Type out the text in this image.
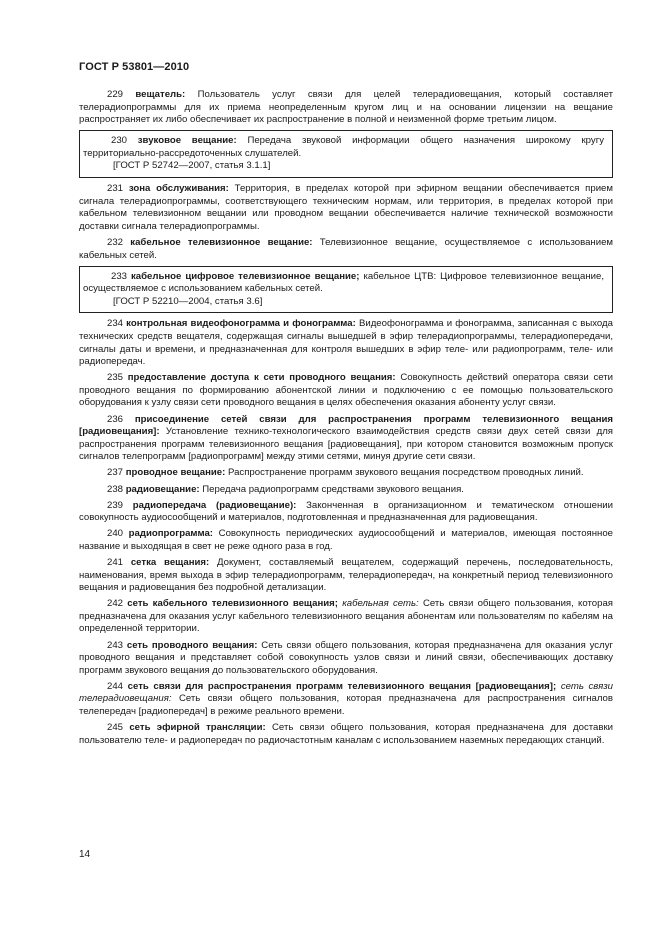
ГОСТ Р 53801—2010

229 вещатель: Пользователь услуг связи для целей телерадиовещания, который составляет телерадиопрограммы для их приема неопределенным кругом лиц и на основании лицензии на вещание распространяет их либо обеспечивает их распространение в полной и неизменной форме третьим лицом.

230 звуковое вещание: Передача звуковой информации общего назначения широкому кругу территориально-рассредоточенных слушателей.

[ГОСТ Р 52742—2007, статья 3.1.1]

231 зона обслуживания: Территория, в пределах которой при эфирном вещании обеспечивается прием сигнала телерадиопрограммы, соответствующего техническим нормам, или территория, в пределах которой при кабельном телевизионном вещании или проводном вещании обеспечивается наличие технической возможности доставки сигнала телерадиопрограммы.

232 кабельное телевизионное вещание: Телевизионное вещание, осуществляемое с использованием кабельных сетей.

233 кабельное цифровое телевизионное вещание; кабельное ЦТВ: Цифровое телевизионное вещание, осуществляемое с использованием кабельных сетей.

[ГОСТ Р 52210—2004, статья 3.6]

234 контрольная видеофонограмма и фонограмма: Видеофонограмма и фонограмма, записанная с выхода технических средств вещателя, содержащая сигналы вышедшей в эфир телерадиопрограммы, телерадиопередачи, сигналы даты и времени, и предназначенная для контроля вышедших в эфир теле- или радиопрограмм, теле- или радиопередач.

235 предоставление доступа к сети проводного вещания: Совокупность действий оператора связи сети проводного вещания по формированию абонентской линии и подключению с ее помощью пользовательского оборудования к узлу связи сети проводного вещания в целях обеспечения оказания абоненту услуг связи.

236 присоединение сетей связи для распространения программ телевизионного вещания [радиовещания]: Установление технико-технологического взаимодействия средств связи двух сетей связи для распространения программ телевизионного вещания [радиовещания], при котором становится возможным пропуск сигналов телепрограмм [радиопрограмм] между этими сетями, минуя другие сети связи.

237 проводное вещание: Распространение программ звукового вещания посредством проводных линий.

238 радиовещание: Передача радиопрограмм средствами звукового вещания.

239 радиопередача (радиовещание): Законченная в организационном и тематическом отношении совокупность аудиосообщений и материалов, подготовленная и предназначенная для радиовещания.

240 радиопрограмма: Совокупность периодических аудиосообщений и материалов, имеющая постоянное название и выходящая в свет не реже одного раза в год.

241 сетка вещания: Документ, составляемый вещателем, содержащий перечень, последовательность, наименования, время выхода в эфир телерадиопрограмм, телерадиопередач, на конкретный период телевизионного вещания и радиовещания без подробной детализации.

242 сеть кабельного телевизионного вещания; кабельная сеть: Сеть связи общего пользования, которая предназначена для оказания услуг кабельного телевизионного вещания абонентам или пользователям по кабелям на определенной территории.

243 сеть проводного вещания: Сеть связи общего пользования, которая предназначена для оказания услуг проводного вещания и представляет собой совокупность узлов связи и линий связи, обеспечивающих доставку программ звукового вещания до пользовательского оборудования.

244 сеть связи для распространения программ телевизионного вещания [радиовещания]; сеть связи телерадиовещания: Сеть связи общего пользования, которая предназначена для распространения сигналов телепередач [радиопередач] в режиме реального времени.

245 сеть эфирной трансляции: Сеть связи общего пользования, которая предназначена для доставки пользователю теле- и радиопередач по радиочастотным каналам с использованием наземных передающих станций.

14
